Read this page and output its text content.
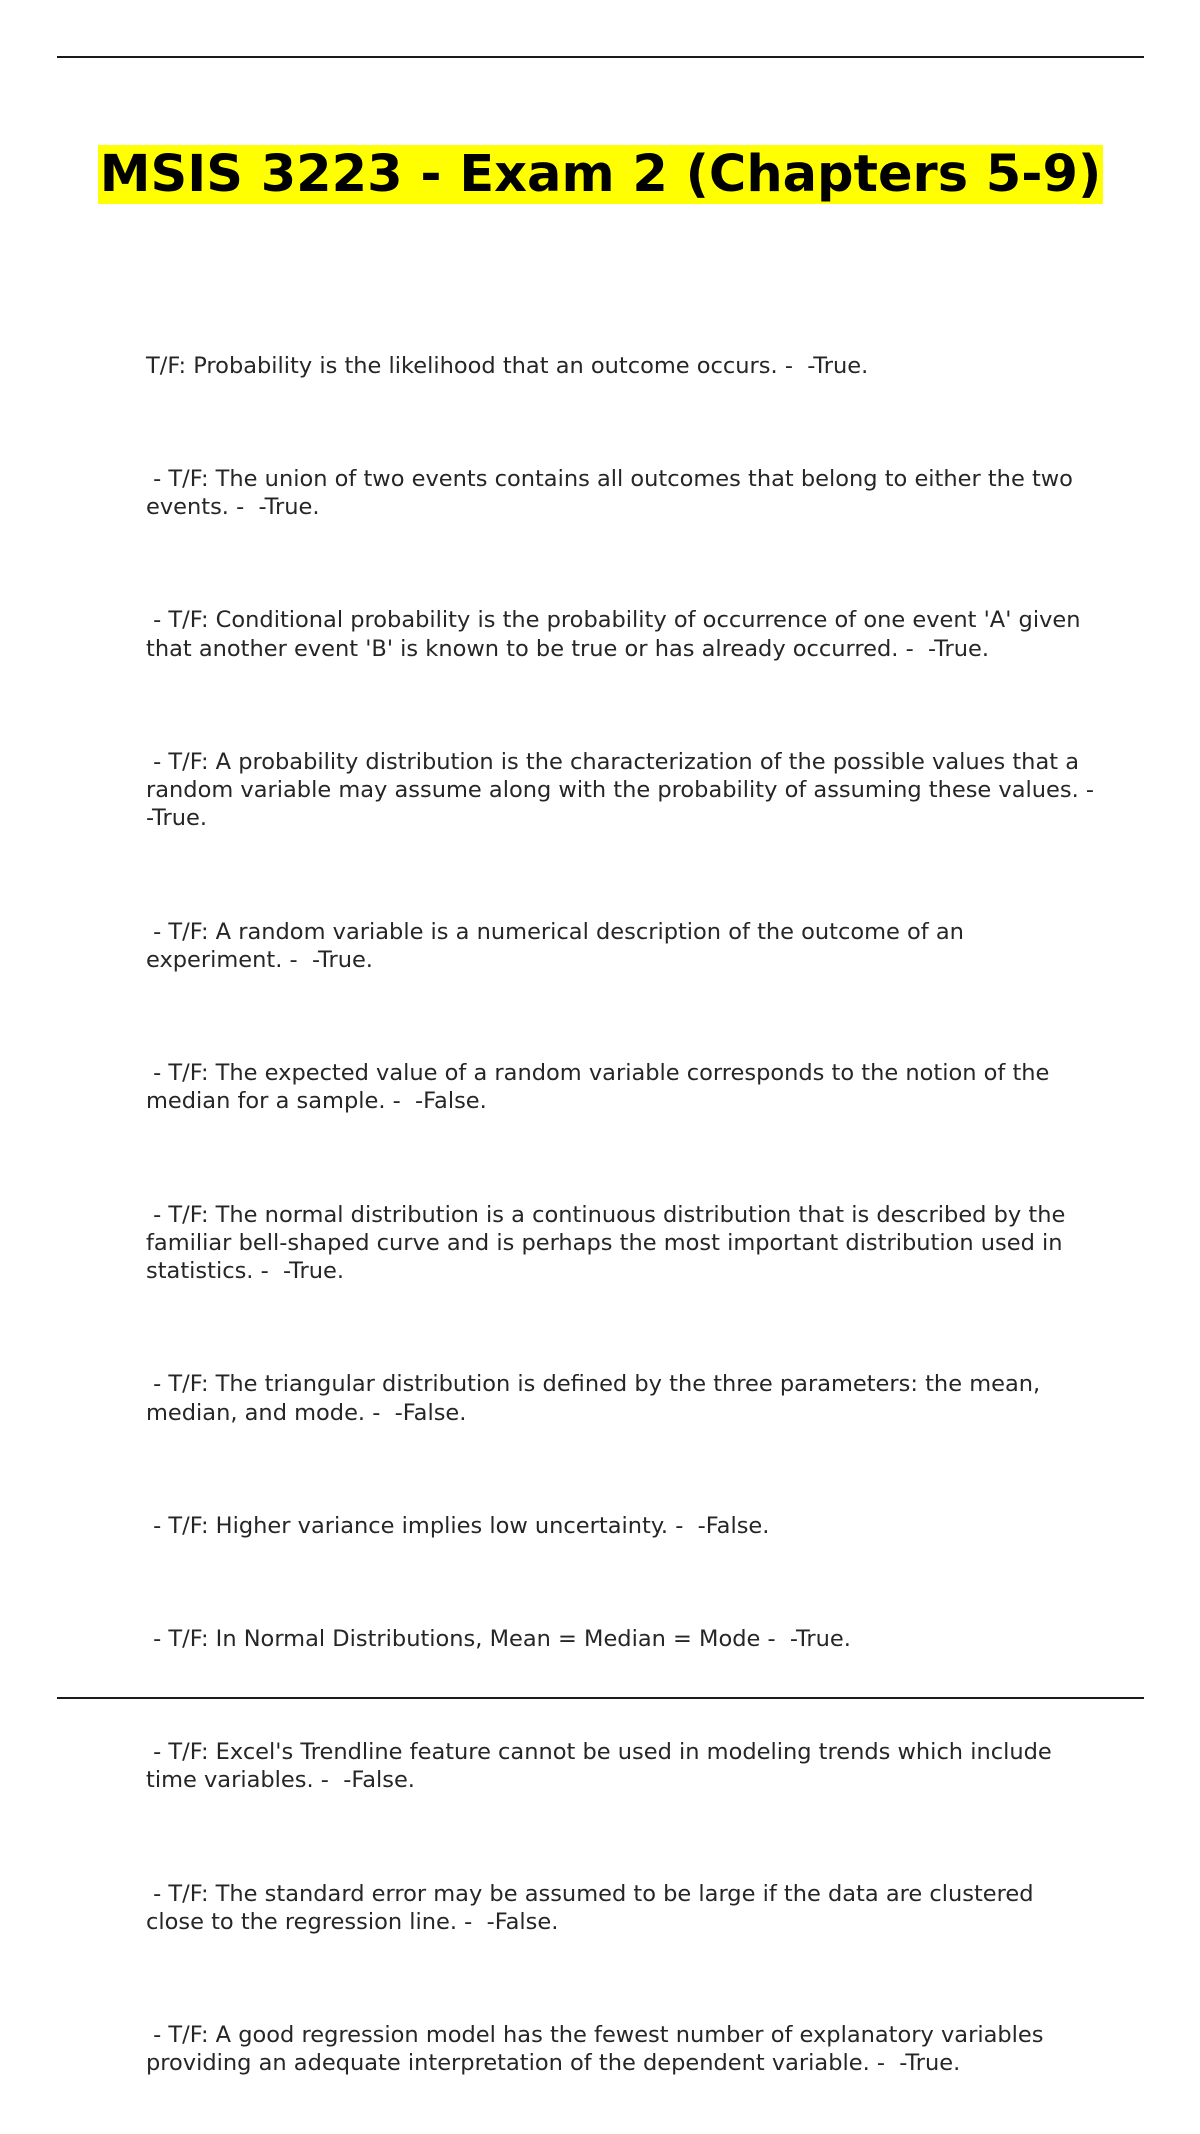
MSIS 3223 - Exam 2 (Chapters 5-9)

T/F: Probability is the likelihood that an outcome occurs. -  -True.

- T/F: The union of two events contains all outcomes that belong to either the two events. -  -True.

- T/F: Conditional probability is the probability of occurrence of one event 'A' given that another event 'B' is known to be true or has already occurred. -  -True.

- T/F: A probability distribution is the characterization of the possible values that a random variable may assume along with the probability of assuming these values. -  -True.

- T/F: A random variable is a numerical description of the outcome of an experiment. -  -True.

- T/F: The expected value of a random variable corresponds to the notion of the median for a sample. -  -False.

- T/F: The normal distribution is a continuous distribution that is described by the familiar bell-shaped curve and is perhaps the most important distribution used in statistics. -  -True.

- T/F: The triangular distribution is defined by the three parameters: the mean, median, and mode. -  -False.

- T/F: Higher variance implies low uncertainty. -  -False.

- T/F: In Normal Distributions, Mean = Median = Mode -  -True.

- T/F: Excel's Trendline feature cannot be used in modeling trends which include time variables. -  -False.

- T/F: The standard error may be assumed to be large if the data are clustered close to the regression line. -  -False.

- T/F: A good regression model has the fewest number of explanatory variables providing an adequate interpretation of the dependent variable. -  -True.
